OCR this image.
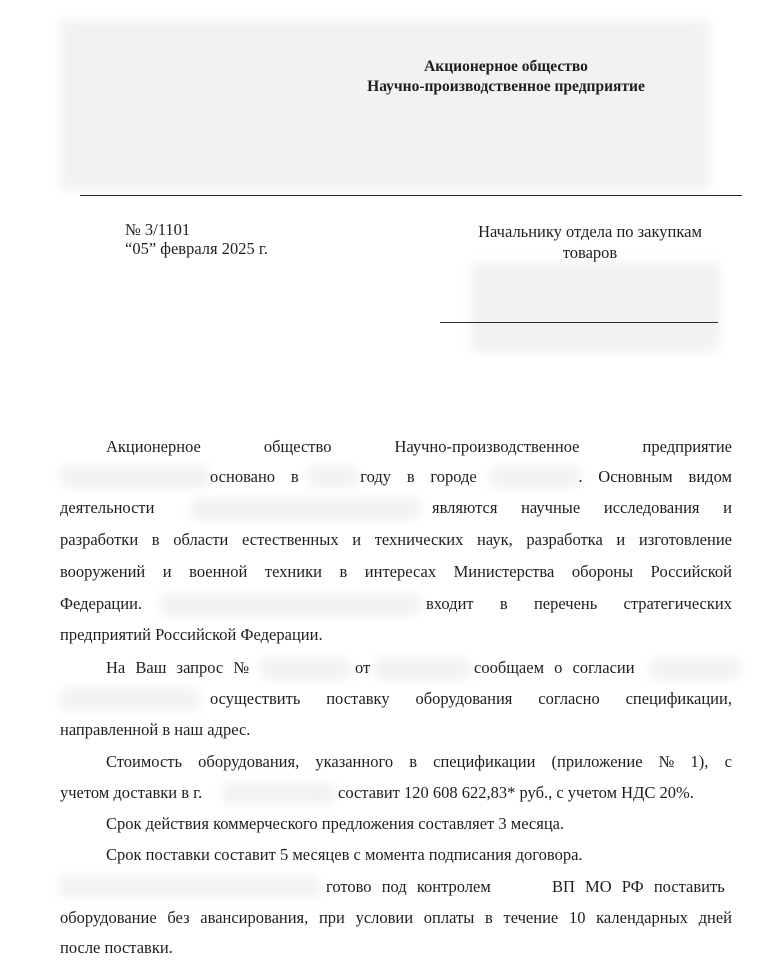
Акционерное общество
Научно-производственное предприятие
№ 3/1101
“05” февраля 2025 г.
Начальнику отдела по закупкам
товаров
Акционерное	общество	Научно-производственное	предприятие
основано в	году в городе	. Основным видом
деятельности	являются научные исследования и
разработки в области естественных и технических наук, разработка и изготовление
вооружений и военной техники в интересах Министерства обороны Российской
Федерации.	входит в перечень стратегических
предприятий Российской Федерации.
На Ваш запрос №	от	сообщаем о согласии
осуществить поставку оборудования согласно спецификации,
направленной в наш адрес.
Стоимость оборудования, указанного в спецификации (приложение № 1), с
учетом доставки в г.	составит 120 608 622,83* руб., с учетом НДС 20%.
Срок действия коммерческого предложения составляет 3 месяца.
Срок поставки составит 5 месяцев с момента подписания договора.
готово под контролем	ВП МО РФ поставить
оборудование без авансирования, при условии оплаты в течение 10 календарных дней
после поставки.
